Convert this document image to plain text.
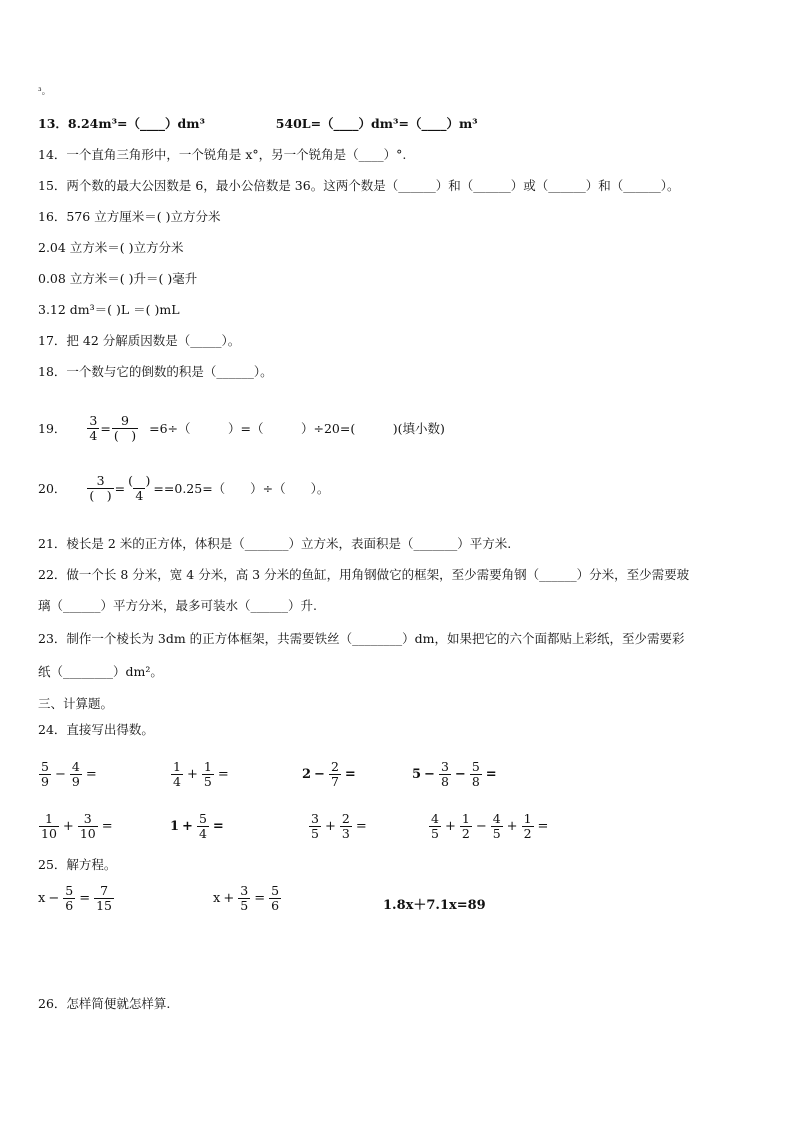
³。
13．8.24m³=（____）dm³	540L=（____）dm³=（____）m³
14．一个直角三角形中，一个锐角是 x°，另一个锐角是（____）°.
15．两个数的最大公因数是 6，最小公倍数是 36。这两个数是（______）和（______）或（______）和（______）。
16．576 立方厘米＝( )立方分米
2.04 立方米＝( )立方分米
0.08 立方米＝( )升＝( )毫升
3.12 dm³＝( )L ＝( )mL
17．把 42 分解质因数是（_____）。
18．一个数与它的倒数的积是（______）。
19． $\frac{3}{4} = \frac{9}{( )} =6\div$（　　　）=（　　　）÷20=(　　　)(填小数)
20． $\frac{3}{( )} = \frac{( )}{4} ==0.25=$（　　）÷（　　）。
21．棱长是 2 米的正方体，体积是（_______）立方米，表面积是（_______）平方米.
22．做一个长 8 分米，宽 4 分米，高 3 分米的鱼缸，用角钢做它的框架，至少需要角钢（______）分米，至少需要玻
璃（______）平方分米，最多可装水（______）升.
23．制作一个棱长为 3dm 的正方体框架，共需要铁丝（________）dm，如果把它的六个面都贴上彩纸，至少需要彩
纸（________）dm²。
三、计算题。
24．直接写出得数。
$\frac{5}{9} - \frac{4}{9}$ =	$\frac{1}{4} + \frac{1}{5}$ =	$2 - \frac{2}{7}$ =	$5 - \frac{3}{8} - \frac{5}{8}$ =
$\frac{1}{10} + \frac{3}{10}$ =	$1 + \frac{5}{4}$ =	$\frac{3}{5} + \frac{2}{3}$ =	$\frac{4}{5} + \frac{1}{2} - \frac{4}{5} + \frac{1}{2}$ =
25．解方程。
$x - \frac{5}{6} = \frac{7}{15}$	$x + \frac{3}{5} = \frac{5}{6}$	1.8x＋7.1x=89
26．怎样简便就怎样算.
